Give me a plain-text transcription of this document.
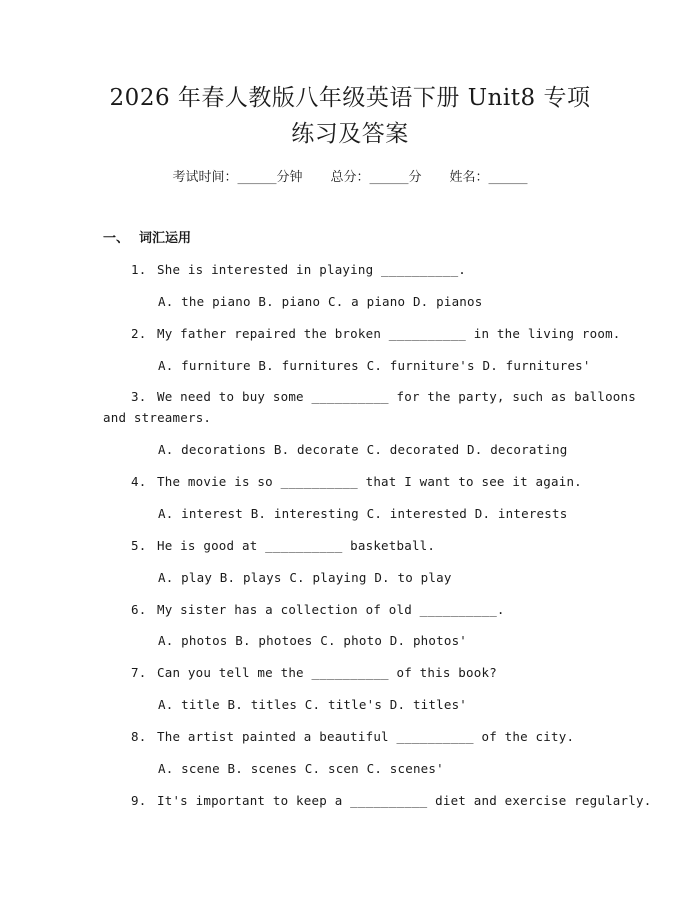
2026 年春人教版八年级英语下册 Unit8 专项
练习及答案
考试时间：______分钟 总分：______分 姓名：______
一、 词汇运用
1. She is interested in playing __________.
A. the piano B. piano C. a piano D. pianos
2. My father repaired the broken __________ in the living room.
A. furniture B. furnitures C. furniture's D. furnitures'
3. We need to buy some __________ for the party, such as balloons
and streamers.
A. decorations B. decorate C. decorated D. decorating
4. The movie is so __________ that I want to see it again.
A. interest B. interesting C. interested D. interests
5. He is good at __________ basketball.
A. play B. plays C. playing D. to play
6. My sister has a collection of old __________.
A. photos B. photoes C. photo D. photos'
7. Can you tell me the __________ of this book?
A. title B. titles C. title's D. titles'
8. The artist painted a beautiful __________ of the city.
A. scene B. scenes C. scen C. scenes'
9. It's important to keep a __________ diet and exercise regularly.
